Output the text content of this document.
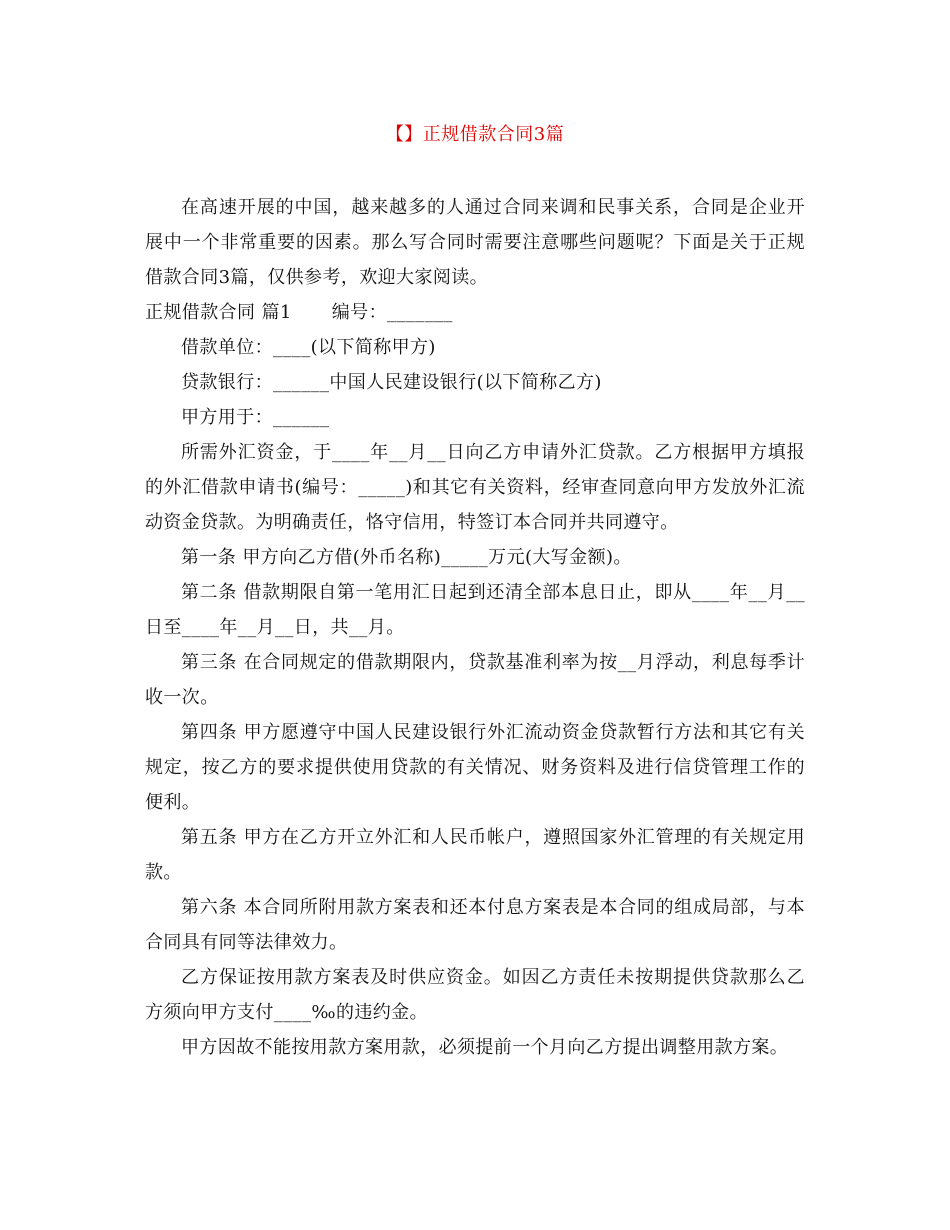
【】正规借款合同3篇

在高速开展的中国，越来越多的人通过合同来调和民事关系，合同是企业开展中一个非常重要的因素。那么写合同时需要注意哪些问题呢？下面是关于正规借款合同3篇，仅供参考，欢迎大家阅读。

正规借款合同 篇1 编号：_______

借款单位：____(以下简称甲方)

贷款银行：______中国人民建设银行(以下简称乙方)

甲方用于：______

所需外汇资金，于____年__月__日向乙方申请外汇贷款。乙方根据甲方填报的外汇借款申请书(编号：_____)和其它有关资料，经审查同意向甲方发放外汇流动资金贷款。为明确责任，恪守信用，特签订本合同并共同遵守。

第一条 甲方向乙方借(外币名称)_____万元(大写金额)。

第二条 借款期限自第一笔用汇日起到还清全部本息日止，即从____年__月__日至____年__月__日，共__月。

第三条 在合同规定的借款期限内，贷款基准利率为按__月浮动，利息每季计收一次。

第四条 甲方愿遵守中国人民建设银行外汇流动资金贷款暂行方法和其它有关规定，按乙方的要求提供使用贷款的有关情况、财务资料及进行信贷管理工作的便利。

第五条 甲方在乙方开立外汇和人民币帐户，遵照国家外汇管理的有关规定用款。

第六条 本合同所附用款方案表和还本付息方案表是本合同的组成局部，与本合同具有同等法律效力。

乙方保证按用款方案表及时供应资金。如因乙方责任未按期提供贷款那么乙方须向甲方支付____‰的违约金。

甲方因故不能按用款方案用款，必须提前一个月向乙方提出调整用款方案。
